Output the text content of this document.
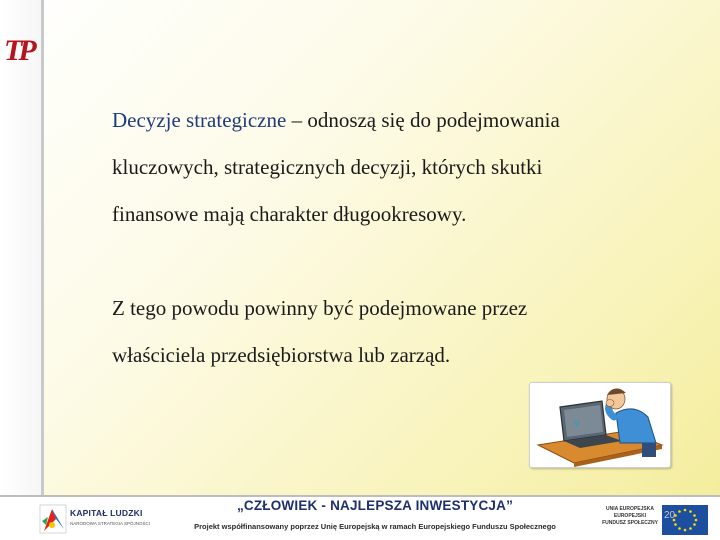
TP

Decyzje strategiczne – odnoszą się do podejmowania

kluczowych, strategicznych decyzji, których skutki

finansowe mają charakter długookresowy.

Z tego powodu powinny być podejmowane przez

właściciela przedsiębiorstwa lub zarząd.

V
KAPITAŁ LUDZKI
NARODOWA STRATEGIA SPÓJNOŚCI
„CZŁOWIEK - NAJLEPSZA INWESTYCJA”
Projekt współfinansowany poprzez Unię Europejską w ramach Europejskiego Funduszu Społecznego
UNIA EUROPEJSKA
EUROPEJSKI
FUNDUSZ SPOŁECZNY
20
